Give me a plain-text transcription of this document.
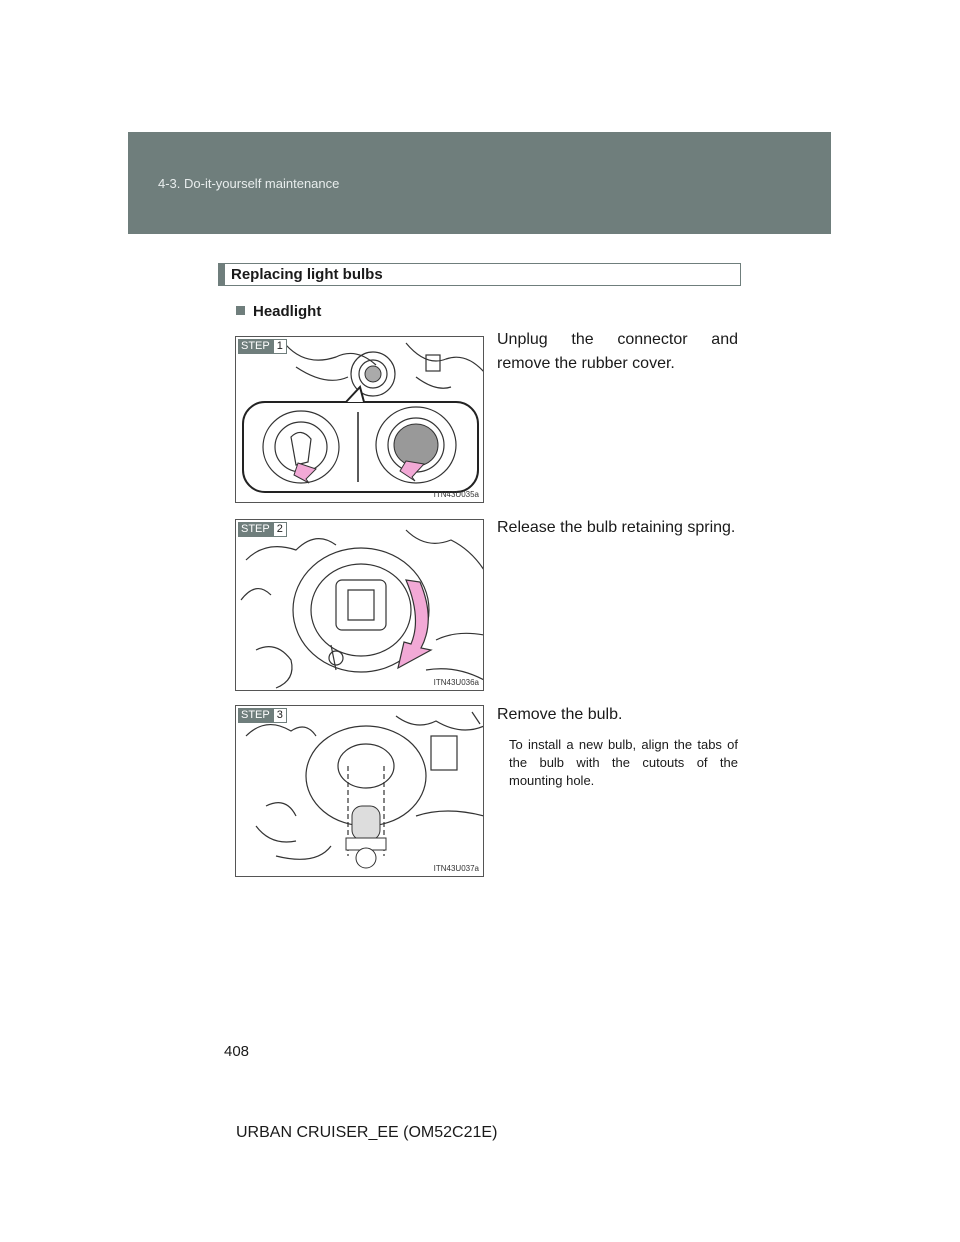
4-3. Do-it-yourself maintenance
Replacing light bulbs
Headlight
STEP 1
ITN43U035a
Unplug the connector and remove the rubber cover.
STEP 2
ITN43U036a
Release the bulb retaining spring.
STEP 3
ITN43U037a
Remove the bulb.
To install a new bulb, align the tabs of the bulb with the cutouts of the mounting hole.
408
URBAN CRUISER_EE (OM52C21E)
